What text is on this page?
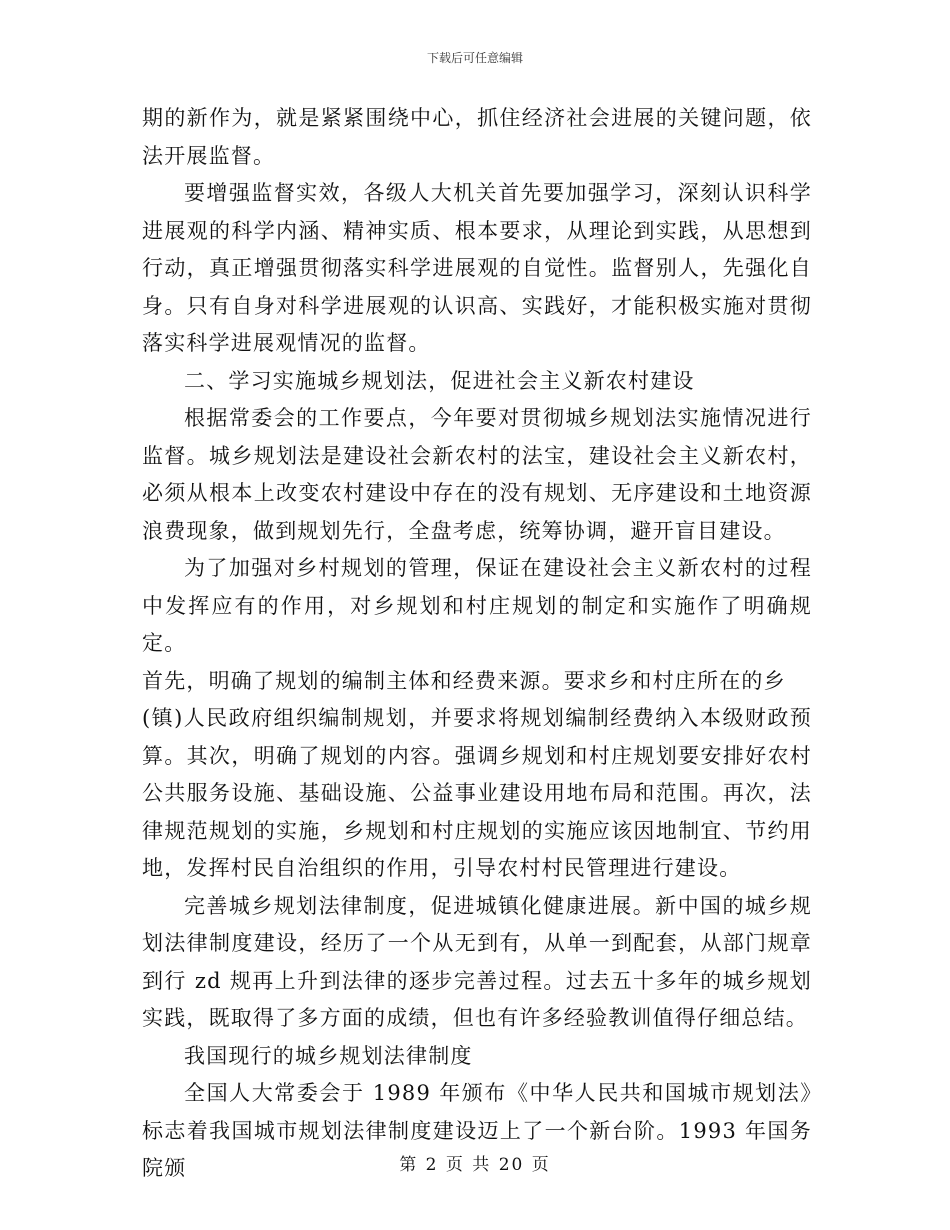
下载后可任意编辑

期的新作为，就是紧紧围绕中心，抓住经济社会进展的关键问题，依法开展监督。

要增强监督实效，各级人大机关首先要加强学习，深刻认识科学进展观的科学内涵、精神实质、根本要求，从理论到实践，从思想到行动，真正增强贯彻落实科学进展观的自觉性。监督别人，先强化自身。只有自身对科学进展观的认识高、实践好，才能积极实施对贯彻落实科学进展观情况的监督。

二、学习实施城乡规划法，促进社会主义新农村建设

根据常委会的工作要点，今年要对贯彻城乡规划法实施情况进行监督。城乡规划法是建设社会新农村的法宝，建设社会主义新农村，必须从根本上改变农村建设中存在的没有规划、无序建设和土地资源浪费现象，做到规划先行，全盘考虑，统筹协调，避开盲目建设。

为了加强对乡村规划的管理，保证在建设社会主义新农村的过程中发挥应有的作用，对乡规划和村庄规划的制定和实施作了明确规定。

首先，明确了规划的编制主体和经费来源。要求乡和村庄所在的乡

(镇)人民政府组织编制规划，并要求将规划编制经费纳入本级财政预算。其次，明确了规划的内容。强调乡规划和村庄规划要安排好农村公共服务设施、基础设施、公益事业建设用地布局和范围。再次，法律规范规划的实施，乡规划和村庄规划的实施应该因地制宜、节约用地，发挥村民自治组织的作用，引导农村村民管理进行建设。

完善城乡规划法律制度，促进城镇化健康进展。新中国的城乡规划法律制度建设，经历了一个从无到有，从单一到配套，从部门规章到行 zd 规再上升到法律的逐步完善过程。过去五十多年的城乡规划实践，既取得了多方面的成绩，但也有许多经验教训值得仔细总结。

我国现行的城乡规划法律制度

全国人大常委会于 1989 年颁布《中华人民共和国城市规划法》标志着我国城市规划法律制度建设迈上了一个新台阶。1993 年国务院颁	第 2 页 共 20 页
